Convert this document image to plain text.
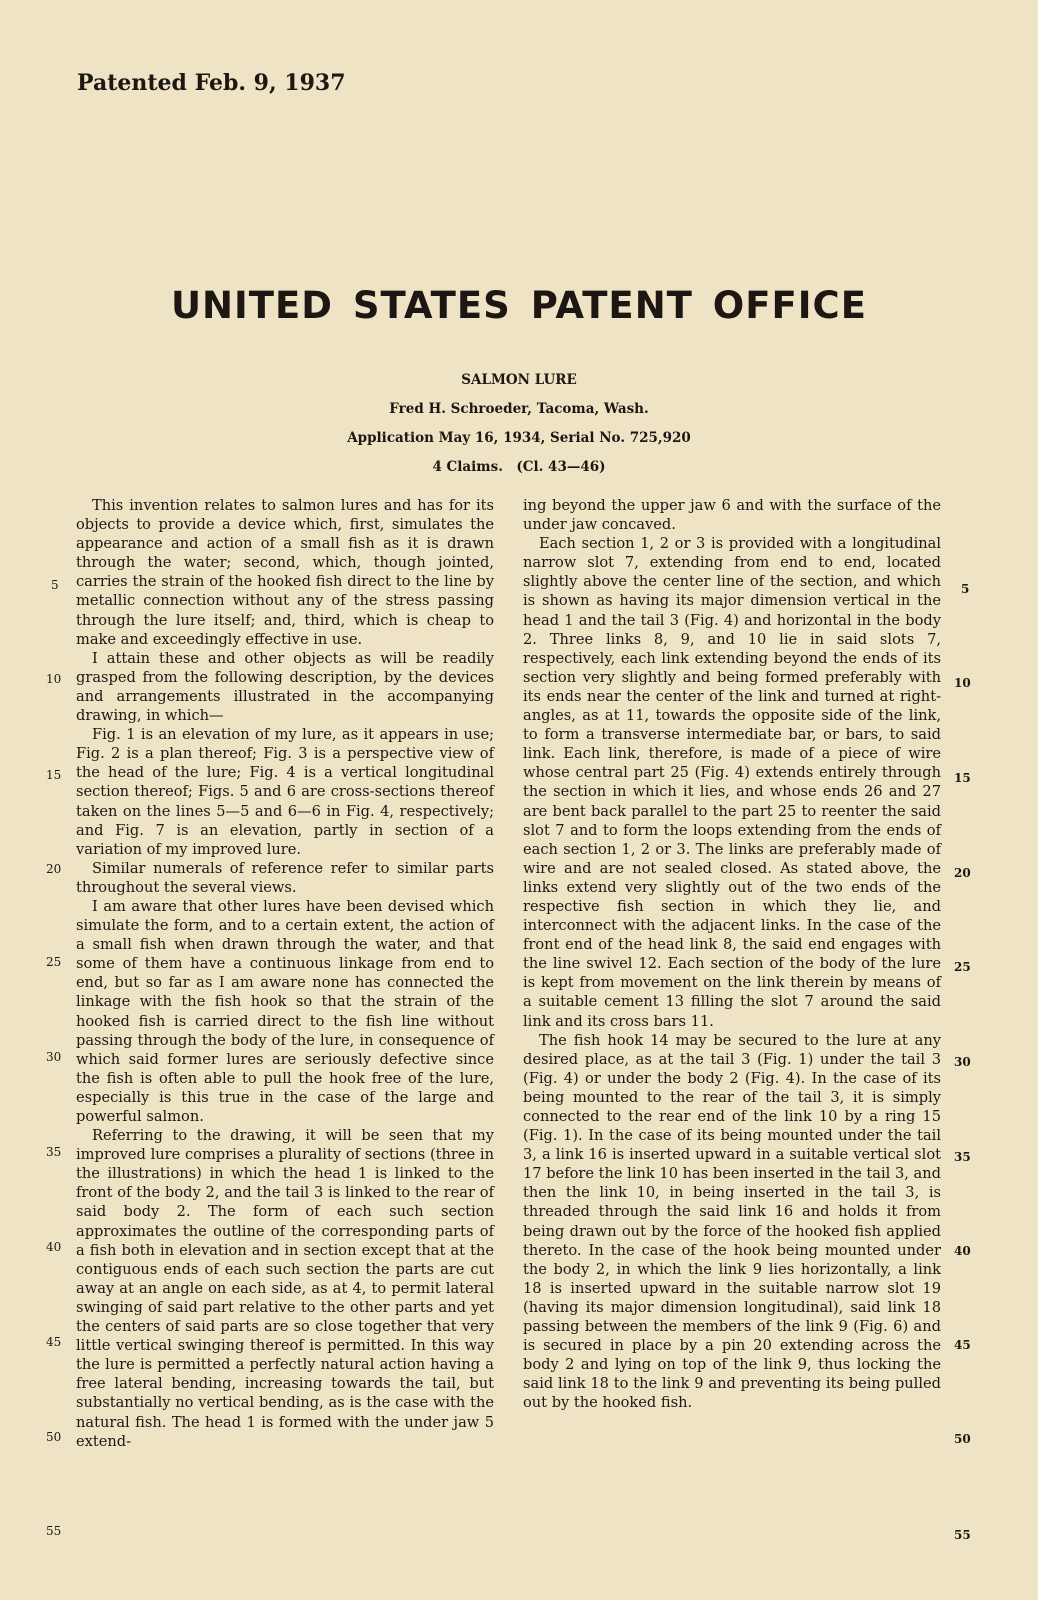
Patented Feb. 9, 1937
UNITED STATES PATENT OFFICE
SALMON LURE
Fred H. Schroeder, Tacoma, Wash.
Application May 16, 1934, Serial No. 725,920
4 Claims. (Cl. 43—46)

This invention relates to salmon lures and has for its objects to provide a device which, first, simulates the appearance and action of a small fish as it is drawn through the water; second, which, though jointed, carries the strain of the hooked fish direct to the line by metallic connection without any of the stress passing through the lure itself; and, third, which is cheap to make and exceedingly effective in use.

I attain these and other objects as will be readily grasped from the following description, by the devices and arrangements illustrated in the accompanying drawing, in which—

Fig. 1 is an elevation of my lure, as it appears in use; Fig. 2 is a plan thereof; Fig. 3 is a perspective view of the head of the lure; Fig. 4 is a vertical longitudinal section thereof; Figs. 5 and 6 are cross-sections thereof taken on the lines 5—5 and 6—6 in Fig. 4, respectively; and Fig. 7 is an elevation, partly in section of a variation of my improved lure.

Similar numerals of reference refer to similar parts throughout the several views.

I am aware that other lures have been devised which simulate the form, and to a certain extent, the action of a small fish when drawn through the water, and that some of them have a continuous linkage from end to end, but so far as I am aware none has connected the linkage with the fish hook so that the strain of the hooked fish is carried direct to the fish line without passing through the body of the lure, in consequence of which said former lures are seriously defective since the fish is often able to pull the hook free of the lure, especially is this true in the case of the large and powerful salmon.

Referring to the drawing, it will be seen that my improved lure comprises a plurality of sections (three in the illustrations) in which the head 1 is linked to the front of the body 2, and the tail 3 is linked to the rear of said body 2. The form of each such section approximates the outline of the corresponding parts of a fish both in elevation and in section except that at the contiguous ends of each such section the parts are cut away at an angle on each side, as at 4, to permit lateral swinging of said part relative to the other parts and yet the centers of said parts are so close together that very little vertical swinging thereof is permitted. In this way the lure is permitted a perfectly natural action having a free lateral bending, increasing towards the tail, but substantially no vertical bending, as is the case with the natural fish. The head 1 is formed with the under jaw 5 extend-

ing beyond the upper jaw 6 and with the surface of the under jaw concaved.

Each section 1, 2 or 3 is provided with a longitudinal narrow slot 7, extending from end to end, located slightly above the center line of the section, and which is shown as having its major dimension vertical in the head 1 and the tail 3 (Fig. 4) and horizontal in the body 2. Three links 8, 9, and 10 lie in said slots 7, respectively, each link extending beyond the ends of its section very slightly and being formed preferably with its ends near the center of the link and turned at right-angles, as at 11, towards the opposite side of the link, to form a transverse intermediate bar, or bars, to said link. Each link, therefore, is made of a piece of wire whose central part 25 (Fig. 4) extends entirely through the section in which it lies, and whose ends 26 and 27 are bent back parallel to the part 25 to reenter the said slot 7 and to form the loops extending from the ends of each section 1, 2 or 3. The links are preferably made of wire and are not sealed closed. As stated above, the links extend very slightly out of the two ends of the respective fish section in which they lie, and interconnect with the adjacent links. In the case of the front end of the head link 8, the said end engages with the line swivel 12. Each section of the body of the lure is kept from movement on the link therein by means of a suitable cement 13 filling the slot 7 around the said link and its cross bars 11.

The fish hook 14 may be secured to the lure at any desired place, as at the tail 3 (Fig. 1) under the tail 3 (Fig. 4) or under the body 2 (Fig. 4). In the case of its being mounted to the rear of the tail 3, it is simply connected to the rear end of the link 10 by a ring 15 (Fig. 1). In the case of its being mounted under the tail 3, a link 16 is inserted upward in a suitable vertical slot 17 before the link 10 has been inserted in the tail 3, and then the link 10, in being inserted in the tail 3, is threaded through the said link 16 and holds it from being drawn out by the force of the hooked fish applied thereto. In the case of the hook being mounted under the body 2, in which the link 9 lies horizontally, a link 18 is inserted upward in the suitable narrow slot 19 (having its major dimension longitudinal), said link 18 passing between the members of the link 9 (Fig. 6) and is secured in place by a pin 20 extending across the body 2 and lying on top of the link 9, thus locking the said link 18 to the link 9 and preventing its being pulled out by the hooked fish.

5
10
15
20
25
30
35
40
45
50
55
5
10
15
20
25
30
35
40
45
50
55
